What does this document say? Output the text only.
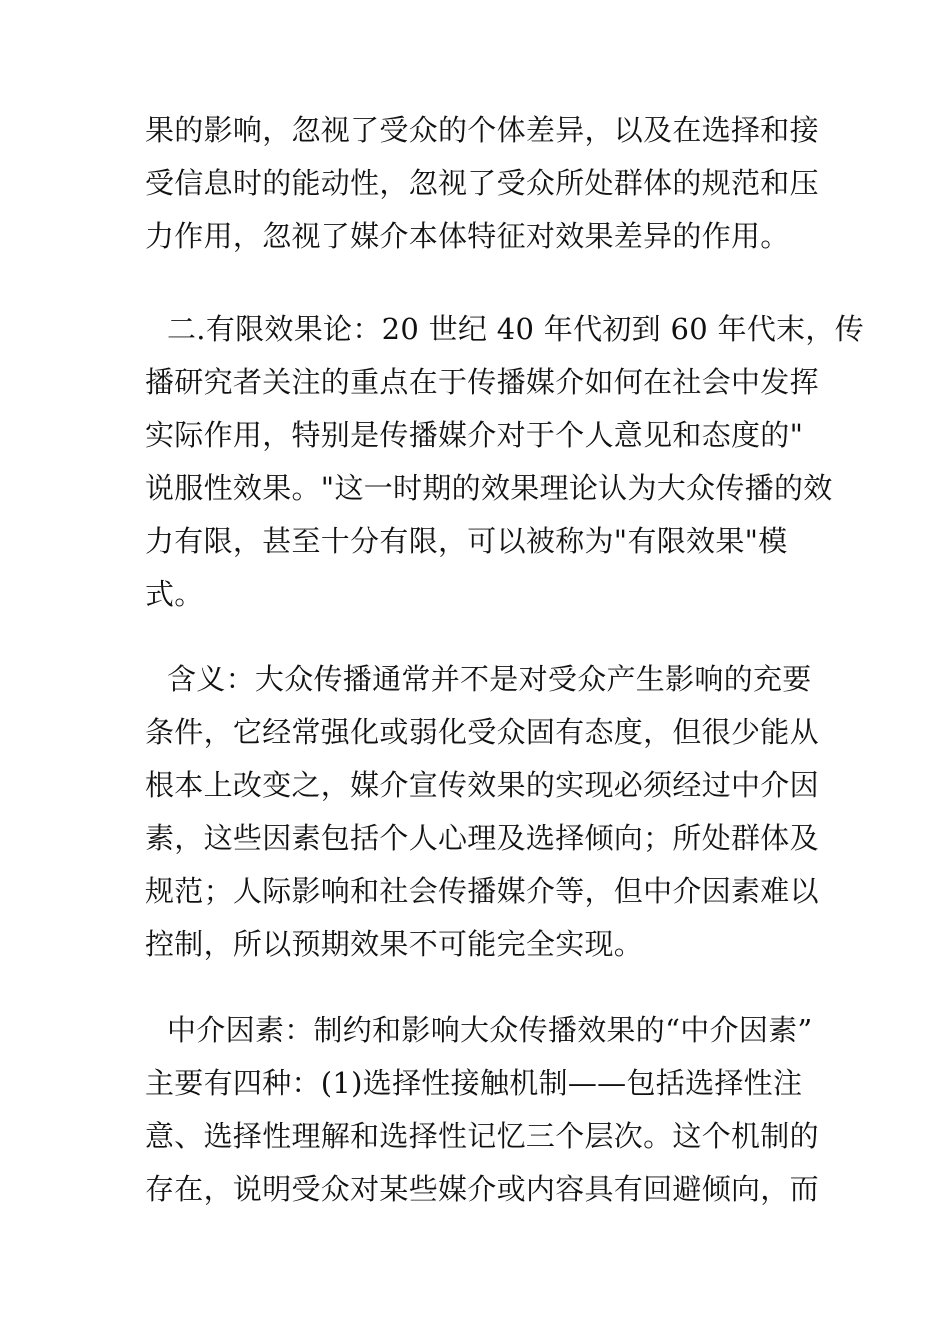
果的影响，忽视了受众的个体差异，以及在选择和接
受信息时的能动性，忽视了受众所处群体的规范和压
力作用，忽视了媒介本体特征对效果差异的作用。
二.有限效果论：20 世纪 40 年代初到 60 年代末，传
播研究者关注的重点在于传播媒介如何在社会中发挥
实际作用，特别是传播媒介对于个人意见和态度的"
说服性效果。"这一时期的效果理论认为大众传播的效
力有限，甚至十分有限，可以被称为"有限效果"模
式。
含义：大众传播通常并不是对受众产生影响的充要
条件，它经常强化或弱化受众固有态度，但很少能从
根本上改变之，媒介宣传效果的实现必须经过中介因
素，这些因素包括个人心理及选择倾向；所处群体及
规范；人际影响和社会传播媒介等，但中介因素难以
控制，所以预期效果不可能完全实现。
中介因素：制约和影响大众传播效果的“中介因素”
主要有四种：(1)选择性接触机制——包括选择性注
意、选择性理解和选择性记忆三个层次。这个机制的
存在，说明受众对某些媒介或内容具有回避倾向，而
